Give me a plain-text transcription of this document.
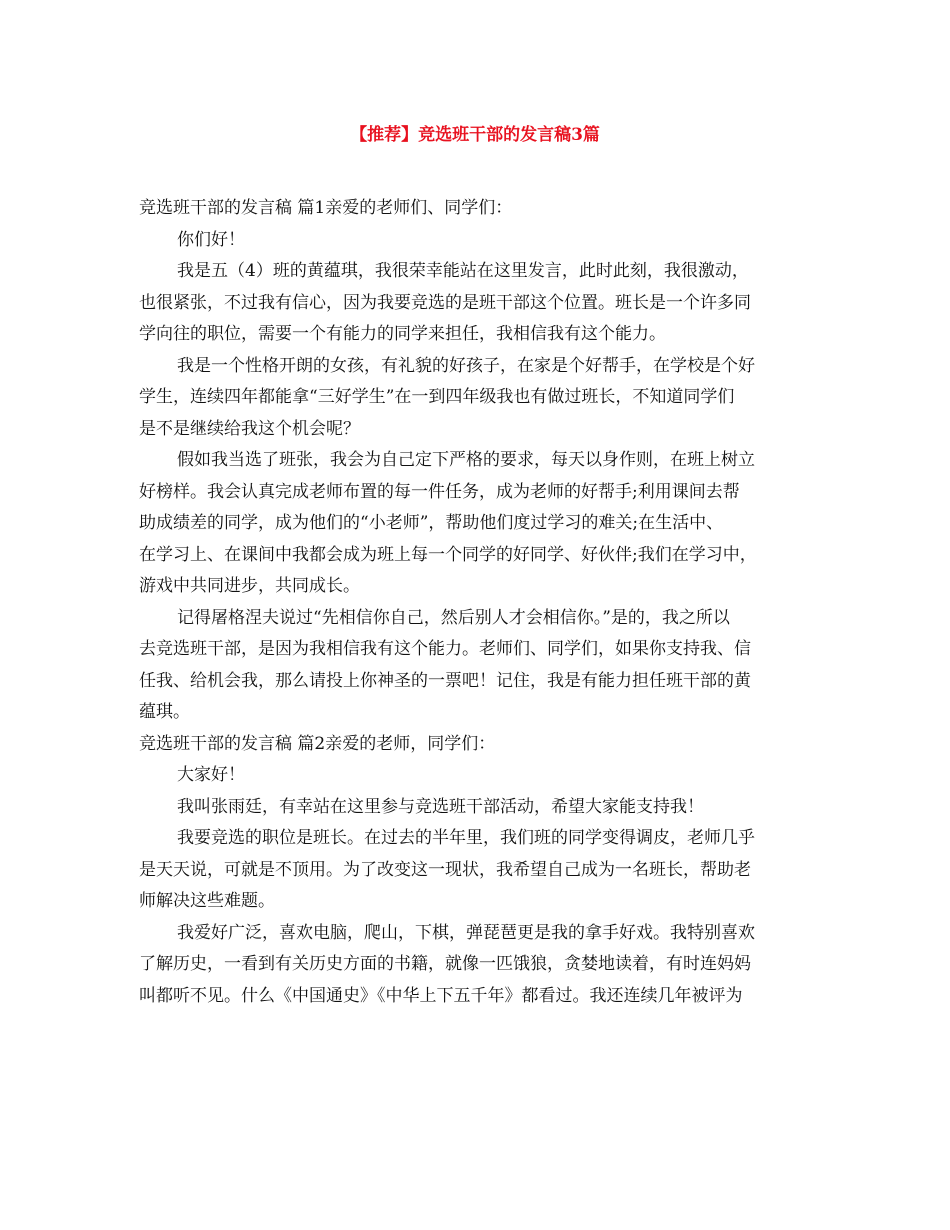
【推荐】竞选班干部的发言稿3篇
竞选班干部的发言稿 篇1亲爱的老师们、同学们：
你们好！
我是五（4）班的黄蕴琪，我很荣幸能站在这里发言，此时此刻，我很激动，
也很紧张，不过我有信心，因为我要竞选的是班干部这个位置。班长是一个许多同
学向往的职位，需要一个有能力的同学来担任，我相信我有这个能力。
我是一个性格开朗的女孩，有礼貌的好孩子，在家是个好帮手，在学校是个好
学生，连续四年都能拿“三好学生”在一到四年级我也有做过班长，不知道同学们
是不是继续给我这个机会呢？
假如我当选了班张，我会为自己定下严格的要求，每天以身作则，在班上树立
好榜样。我会认真完成老师布置的每一件任务，成为老师的好帮手;利用课间去帮
助成绩差的同学，成为他们的“小老师”，帮助他们度过学习的难关;在生活中、
在学习上、在课间中我都会成为班上每一个同学的好同学、好伙伴;我们在学习中，
游戏中共同进步，共同成长。
记得屠格涅夫说过“先相信你自己，然后别人才会相信你。”是的，我之所以
去竞选班干部，是因为我相信我有这个能力。老师们、同学们，如果你支持我、信
任我、给机会我，那么请投上你神圣的一票吧！记住，我是有能力担任班干部的黄
蕴琪。
竞选班干部的发言稿 篇2亲爱的老师，同学们：
大家好！
我叫张雨廷，有幸站在这里参与竞选班干部活动，希望大家能支持我！
我要竞选的职位是班长。在过去的半年里，我们班的同学变得调皮，老师几乎
是天天说，可就是不顶用。为了改变这一现状，我希望自己成为一名班长，帮助老
师解决这些难题。
我爱好广泛，喜欢电脑，爬山，下棋，弹琵琶更是我的拿手好戏。我特别喜欢
了解历史，一看到有关历史方面的书籍，就像一匹饿狼，贪婪地读着，有时连妈妈
叫都听不见。什么《中国通史》《中华上下五千年》都看过。我还连续几年被评为
